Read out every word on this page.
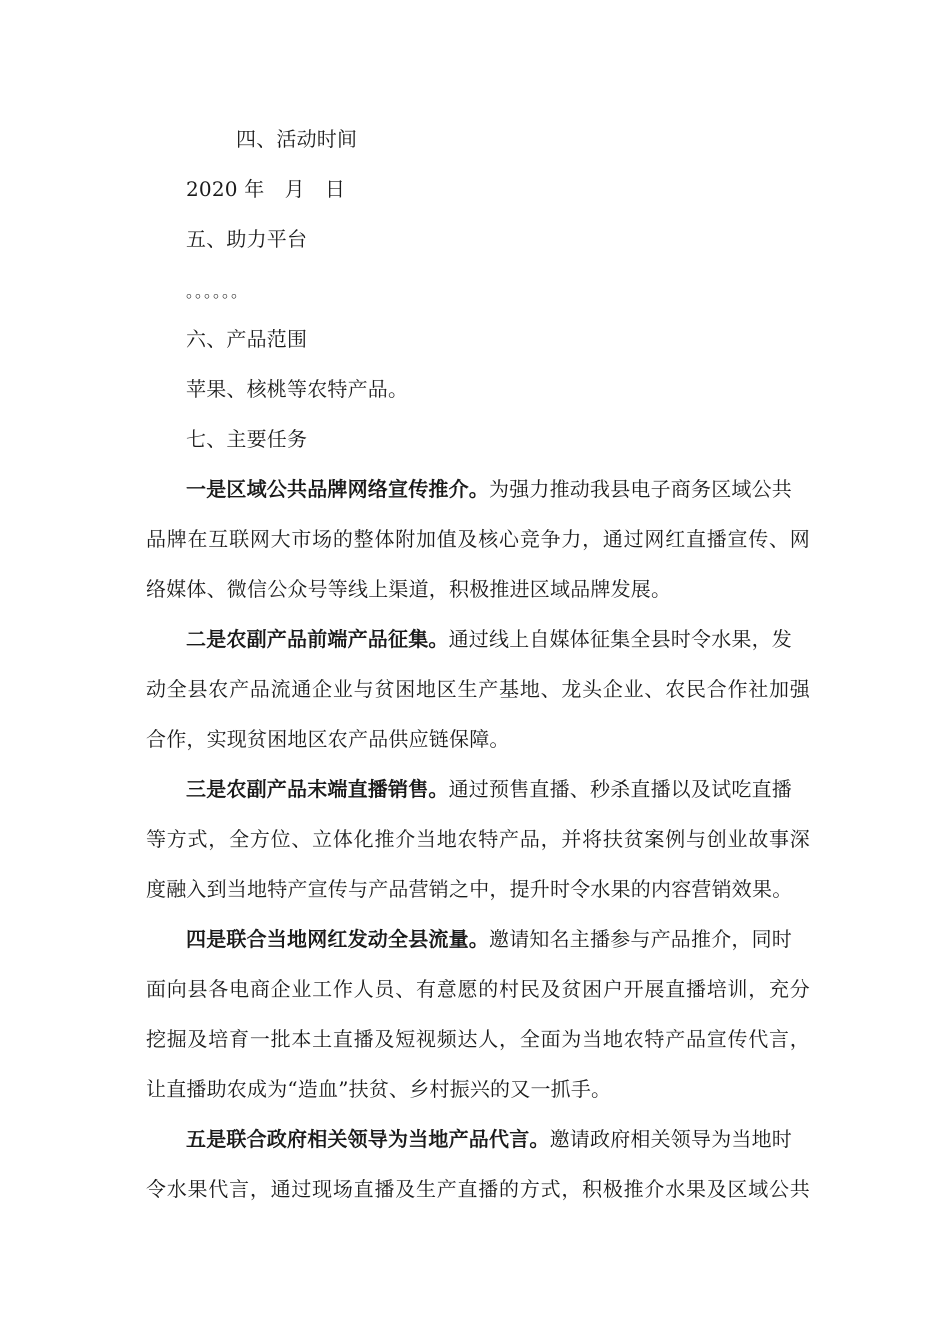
四、活动时间
2020 年　月　日
五、助力平台
。。。。。。
六、产品范围
苹果、核桃等农特产品。
七、主要任务
一是区域公共品牌网络宣传推介。为强力推动我县电子商务区域公共
品牌在互联网大市场的整体附加值及核心竞争力，通过网红直播宣传、网
络媒体、微信公众号等线上渠道，积极推进区域品牌发展。
二是农副产品前端产品征集。通过线上自媒体征集全县时令水果，发
动全县农产品流通企业与贫困地区生产基地、龙头企业、农民合作社加强
合作，实现贫困地区农产品供应链保障。
三是农副产品末端直播销售。通过预售直播、秒杀直播以及试吃直播
等方式，全方位、立体化推介当地农特产品，并将扶贫案例与创业故事深
度融入到当地特产宣传与产品营销之中，提升时令水果的内容营销效果。
四是联合当地网红发动全县流量。邀请知名主播参与产品推介，同时
面向县各电商企业工作人员、有意愿的村民及贫困户开展直播培训，充分
挖掘及培育一批本土直播及短视频达人，全面为当地农特产品宣传代言，
让直播助农成为“造血”扶贫、乡村振兴的又一抓手。
五是联合政府相关领导为当地产品代言。邀请政府相关领导为当地时
令水果代言，通过现场直播及生产直播的方式，积极推介水果及区域公共
